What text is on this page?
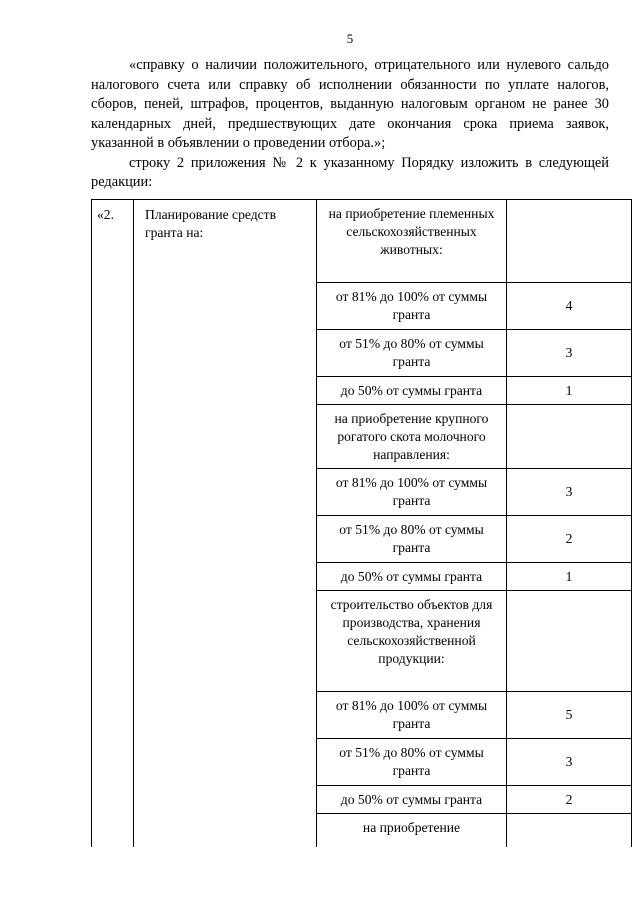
5

«справку о наличии положительного, отрицательного или нулевого сальдо налогового счета или справку об исполнении обязанности по уплате налогов, сборов, пеней, штрафов, процентов, выданную налоговым органом не ранее 30 календарных дней, предшествующих дате окончания срока приема заявок, указанной в объявлении о проведении отбора.»;

строку 2 приложения № 2 к указанному Порядку изложить в следующей редакции:

«2.	Планирование средств гранта на:	на приобретение племенных сельскохозяйственных животных:	
		от 81% до 100% от суммы гранта	4
		от 51% до 80% от суммы гранта	3
		до 50% от суммы гранта	1
		на приобретение крупного рогатого скота молочного направления:	
		от 81% до 100% от суммы гранта	3
		от 51% до 80% от суммы гранта	2
		до 50% от суммы гранта	1
		строительство объектов для производства, хранения сельскохозяйственной продукции:	
		от 81% до 100% от суммы гранта	5
		от 51% до 80% от суммы гранта	3
		до 50% от суммы гранта	2
		на приобретение	
